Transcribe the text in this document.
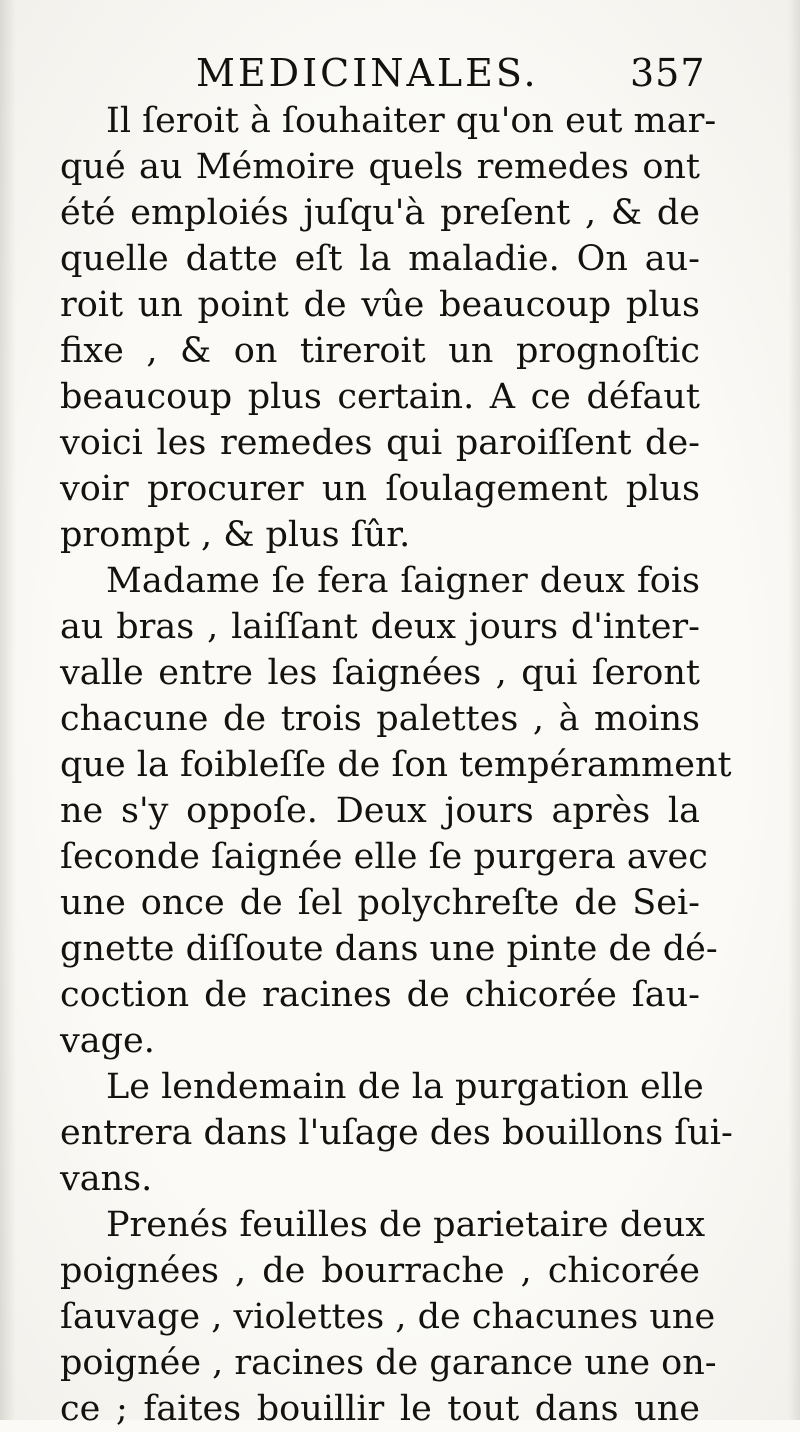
MEDICINALES. 357
Il ſeroit à ſouhaiter qu'on eut mar-
qué au Mémoire quels remedes ont
été emploiés juſqu'à preſent , & de
quelle datte eſt la maladie. On au-
roit un point de vûe beaucoup plus
fixe , & on tireroit un prognoſtic
beaucoup plus certain. A ce défaut
voici les remedes qui paroiſſent de-
voir procurer un ſoulagement plus
prompt , & plus ſûr.
Madame ſe fera ſaigner deux fois
au bras , laiſſant deux jours d'inter-
valle entre les ſaignées , qui ſeront
chacune de trois palettes , à moins
que la foibleſſe de ſon tempéramment
ne s'y oppoſe. Deux jours après la
ſeconde ſaignée elle ſe purgera avec
une once de ſel polychreſte de Sei-
gnette diſſoute dans une pinte de dé-
coction de racines de chicorée ſau-
vage.
Le lendemain de la purgation elle
entrera dans l'uſage des bouillons ſui-
vans.
Prenés feuilles de parietaire deux
poignées , de bourrache , chicorée
ſauvage , violettes , de chacunes une
poignée , racines de garance une on-
ce ; faites bouillir le tout dans une
